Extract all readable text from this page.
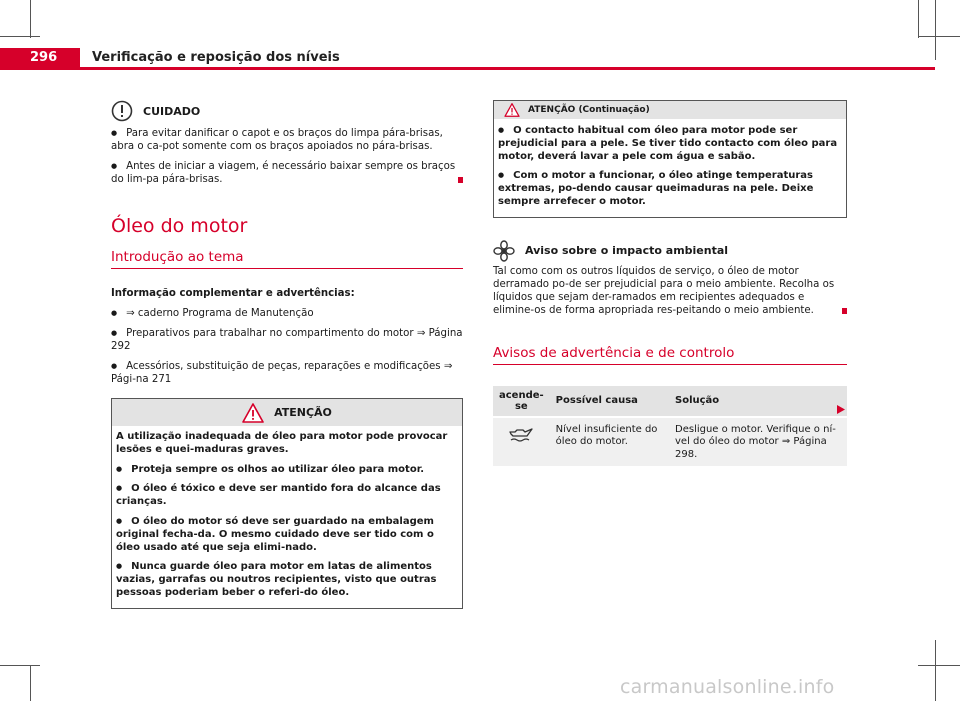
296	Verificação e reposição dos níveis
CUIDADO

● Para evitar danificar o capot e os braços do limpa pára-brisas, abra o ca-pot somente com os braços apoiados no pára-brisas.

● Antes de iniciar a viagem, é necessário baixar sempre os braços do lim-pa pára-brisas.

Óleo do motor
Introdução ao tema

Informação complementar e advertências:

● ⇒ caderno Programa de Manutenção

● Preparativos para trabalhar no compartimento do motor ⇒ Página 292

● Acessórios, substituição de peças, reparações e modificações ⇒ Pági-na 271

ATENÇÃO

A utilização inadequada de óleo para motor pode provocar lesões e quei-maduras graves.

● Proteja sempre os olhos ao utilizar óleo para motor.

● O óleo é tóxico e deve ser mantido fora do alcance das crianças.

● O óleo do motor só deve ser guardado na embalagem original fecha-da. O mesmo cuidado deve ser tido com o óleo usado até que seja elimi-nado.

● Nunca guarde óleo para motor em latas de alimentos vazias, garrafas ou noutros recipientes, visto que outras pessoas poderiam beber o referi-do óleo.

ATENÇÃO (Continuação)

● O contacto habitual com óleo para motor pode ser prejudicial para a pele. Se tiver tido contacto com óleo para motor, deverá lavar a pele com água e sabão.

● Com o motor a funcionar, o óleo atinge temperaturas extremas, po-dendo causar queimaduras na pele. Deixe sempre arrefecer o motor.

Aviso sobre o impacto ambiental

Tal como com os outros líquidos de serviço, o óleo de motor derramado po-de ser prejudicial para o meio ambiente. Recolha os líquidos que sejam der-ramados em recipientes adequados e elimine-os de forma apropriada res-peitando o meio ambiente.

Avisos de advertência e de controlo
acende-se	Possível causa	Solução
	Nível insuficiente do óleo do motor.	Desligue o motor. Verifique o ní-vel do óleo do motor ⇒ Página 298.
carmanualsonline.info
